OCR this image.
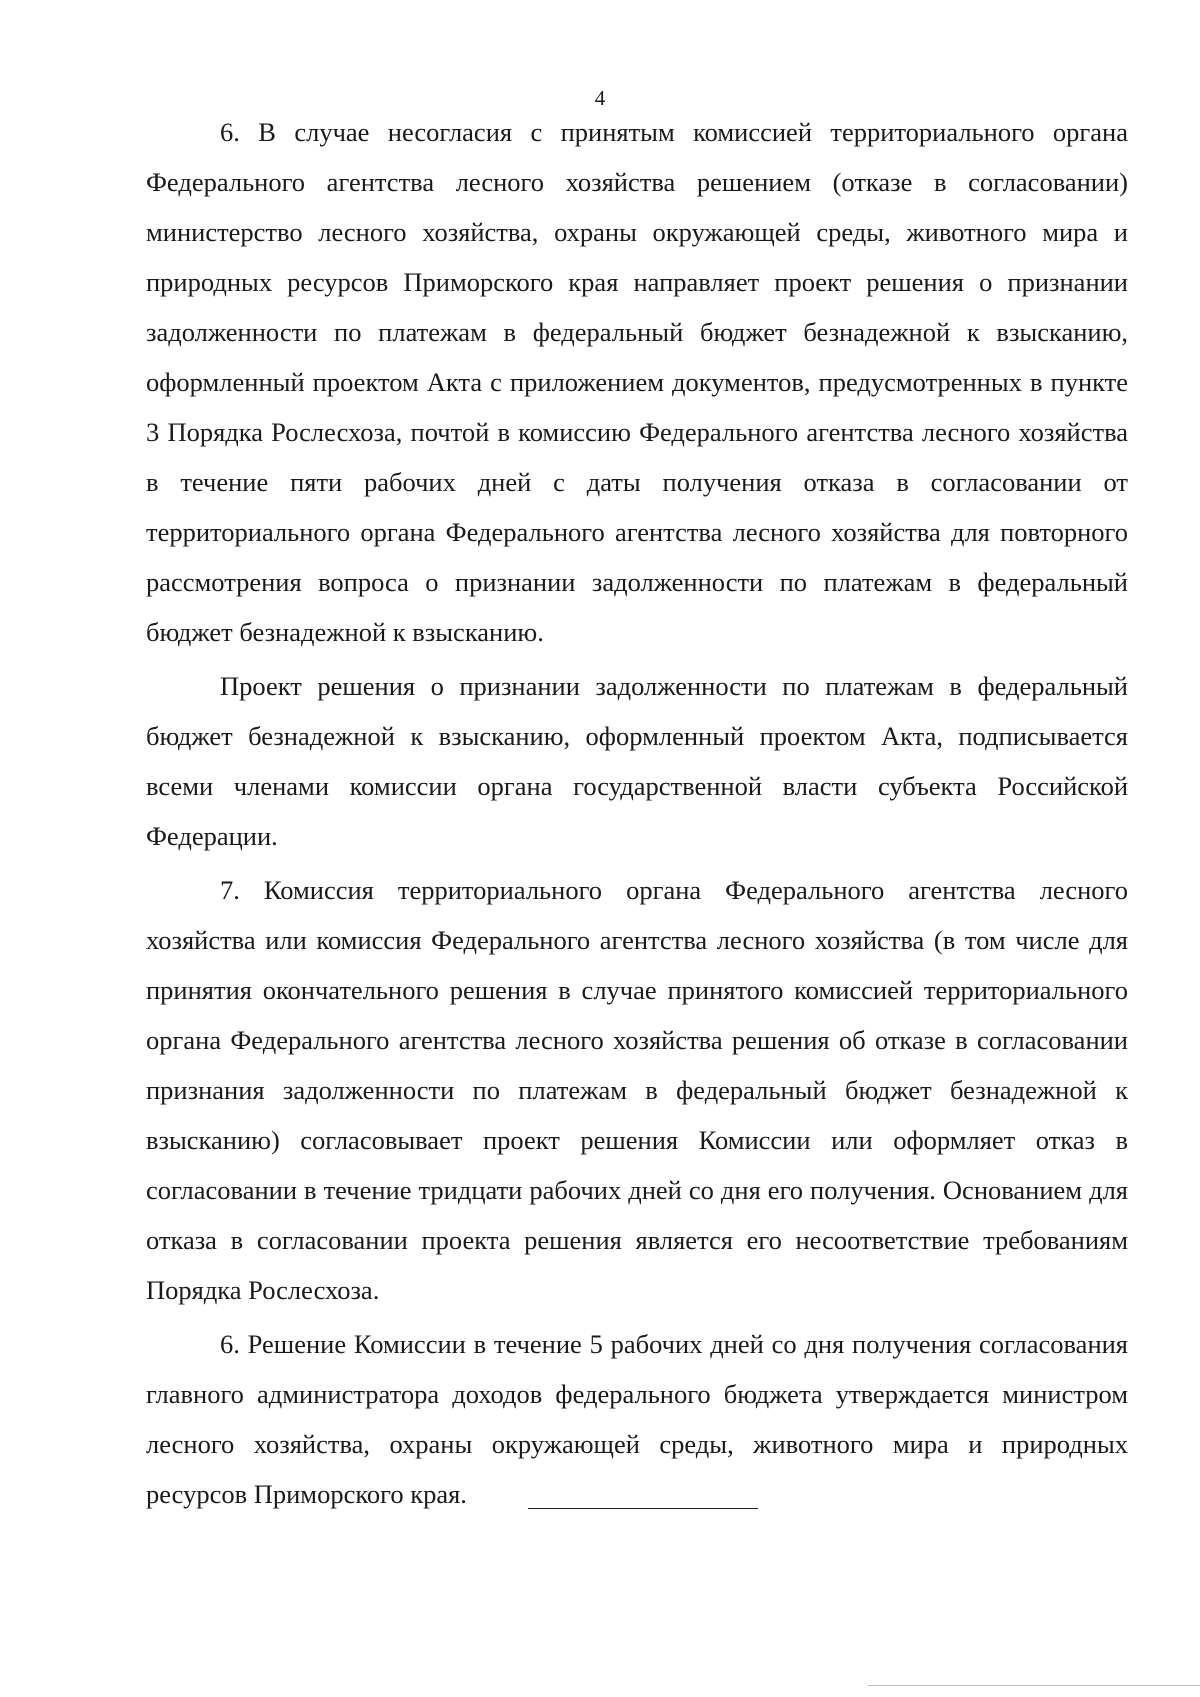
4

6. В случае несогласия с принятым комиссией территориального органа Федерального агентства лесного хозяйства решением (отказе в согласовании) министерство лесного хозяйства, охраны окружающей среды, животного мира и природных ресурсов Приморского края направляет проект решения о признании задолженности по платежам в федеральный бюджет безнадежной к взысканию, оформленный проектом Акта с приложением документов, предусмотренных в пункте 3 Порядка Рослесхоза, почтой в комиссию Федерального агентства лесного хозяйства в течение пяти рабочих дней с даты получения отказа в согласовании от территориального органа Федерального агентства лесного хозяйства для повторного рассмотрения вопроса о признании задолженности по платежам в федеральный бюджет безнадежной к взысканию.

Проект решения о признании задолженности по платежам в федеральный бюджет безнадежной к взысканию, оформленный проектом Акта, подписывается всеми членами комиссии органа государственной власти субъекта Российской Федерации.

7. Комиссия территориального органа Федерального агентства лесного хозяйства или комиссия Федерального агентства лесного хозяйства (в том числе для принятия окончательного решения в случае принятого комиссией территориального органа Федерального агентства лесного хозяйства решения об отказе в согласовании признания задолженности по платежам в федеральный бюджет безнадежной к взысканию) согласовывает проект решения Комиссии или оформляет отказ в согласовании в течение тридцати рабочих дней со дня его получения. Основанием для отказа в согласовании проекта решения является его несоответствие требованиям Порядка Рослесхоза.

6. Решение Комиссии в течение 5 рабочих дней со дня получения согласования главного администратора доходов федерального бюджета утверждается министром лесного хозяйства, охраны окружающей среды, животного мира и природных ресурсов Приморского края.
